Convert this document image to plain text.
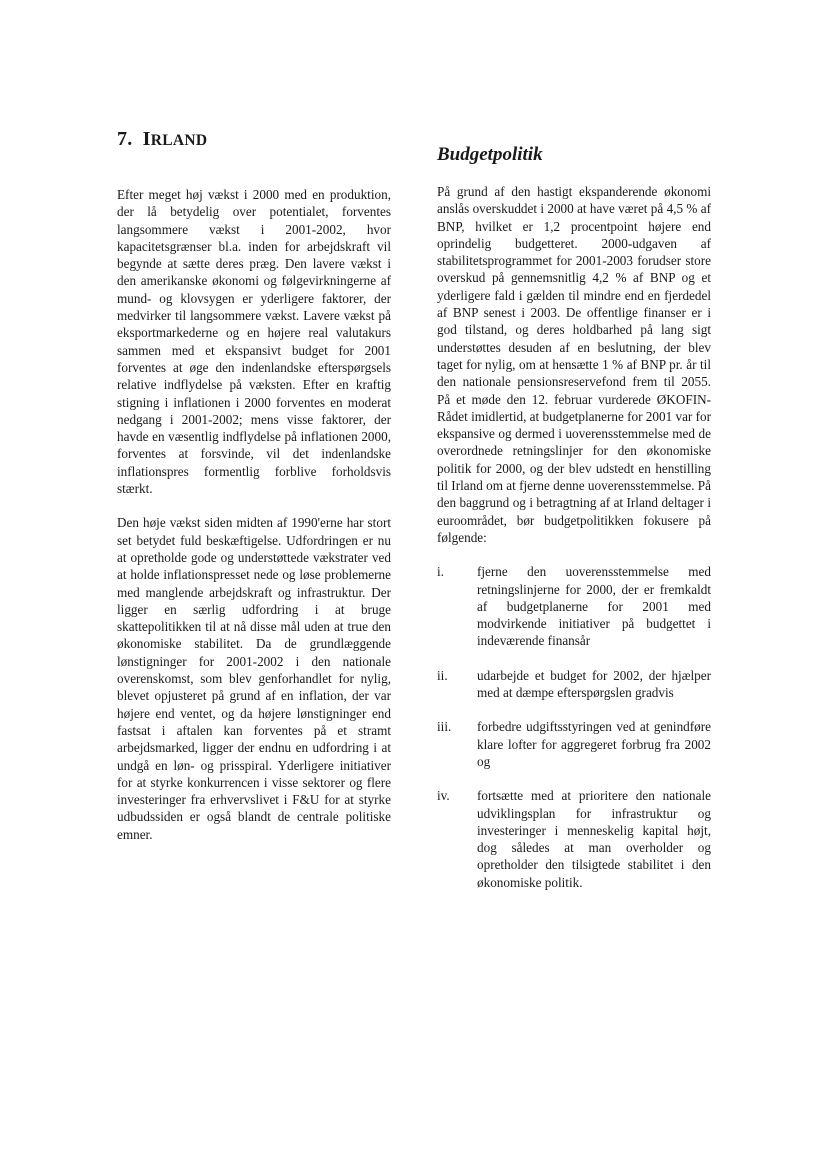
7. IRLAND

Efter meget høj vækst i 2000 med en produktion, der lå betydelig over potentialet, forventes langsommere vækst i 2001-2002, hvor kapacitetsgrænser bl.a. inden for arbejdskraft vil begynde at sætte deres præg. Den lavere vækst i den amerikanske økonomi og følgevirkningerne af mund- og klovsygen er yderligere faktorer, der medvirker til langsommere vækst. Lavere vækst på eksportmarkederne og en højere real valutakurs sammen med et ekspansivt budget for 2001 forventes at øge den indenlandske efterspørgsels relative indflydelse på væksten. Efter en kraftig stigning i inflationen i 2000 forventes en moderat nedgang i 2001-2002; mens visse faktorer, der havde en væsentlig indflydelse på inflationen 2000, forventes at forsvinde, vil det indenlandske inflationspres formentlig forblive forholdsvis stærkt.

Den høje vækst siden midten af 1990'erne har stort set betydet fuld beskæftigelse. Udfordringen er nu at opretholde gode og understøttede vækstrater ved at holde inflationspresset nede og løse problemerne med manglende arbejdskraft og infrastruktur. Der ligger en særlig udfordring i at bruge skattepolitikken til at nå disse mål uden at true den økonomiske stabilitet. Da de grundlæggende lønstigninger for 2001-2002 i den nationale overenskomst, som blev genforhandlet for nylig, blevet opjusteret på grund af en inflation, der var højere end ventet, og da højere lønstigninger end fastsat i aftalen kan forventes på et stramt arbejdsmarked, ligger der endnu en udfordring i at undgå en løn- og prisspiral. Yderligere initiativer for at styrke konkurrencen i visse sektorer og flere investeringer fra erhvervslivet i F&U for at styrke udbudssiden er også blandt de centrale politiske emner.

Budgetpolitik

På grund af den hastigt ekspanderende økonomi anslås overskuddet i 2000 at have været på 4,5 % af BNP, hvilket er 1,2 procentpoint højere end oprindelig budgetteret. 2000-udgaven af stabilitetsprogrammet for 2001-2003 forudser store overskud på gennemsnitlig 4,2 % af BNP og et yderligere fald i gælden til mindre end en fjerdedel af BNP senest i 2003. De offentlige finanser er i god tilstand, og deres holdbarhed på lang sigt understøttes desuden af en beslutning, der blev taget for nylig, om at hensætte 1 % af BNP pr. år til den nationale pensionsreservefond frem til 2055. På et møde den 12. februar vurderede ØKOFIN-Rådet imidlertid, at budgetplanerne for 2001 var for ekspansive og dermed i uoverensstemmelse med de overordnede retningslinjer for den økonomiske politik for 2000, og der blev udstedt en henstilling til Irland om at fjerne denne uoverensstemmelse. På den baggrund og i betragtning af at Irland deltager i euroområdet, bør budgetpolitikken fokusere på følgende:

i.	fjerne den uoverensstemmelse med retningslinjerne for 2000, der er fremkaldt af budgetplanerne for 2001 med modvirkende initiativer på budgettet i indeværende finansår
ii.	udarbejde et budget for 2002, der hjælper med at dæmpe efterspørgslen gradvis
iii.	forbedre udgiftsstyringen ved at genindføre klare lofter for aggregeret forbrug fra 2002 og
iv.	fortsætte med at prioritere den nationale udviklingsplan for infrastruktur og investeringer i menneskelig kapital højt, dog således at man overholder og opretholder den tilsigtede stabilitet i den økonomiske politik.
